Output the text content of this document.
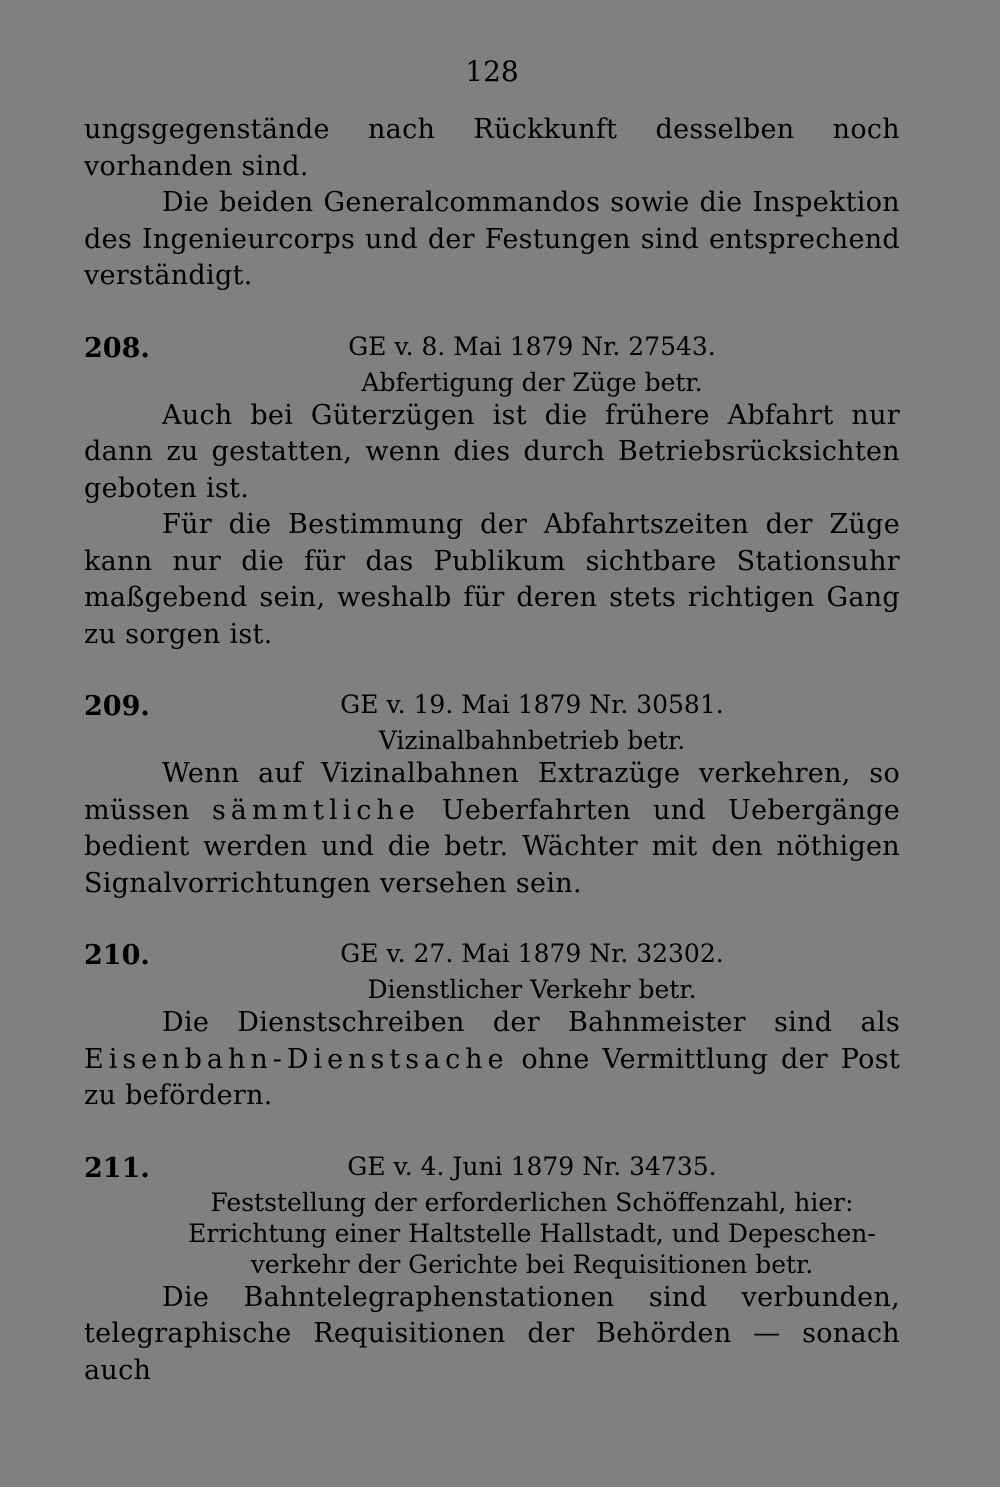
128

ungsgegenstände nach Rückkunft desselben noch vorhanden sind.

Die beiden Generalcommandos sowie die Inspektion des Ingenieurcorps und der Festungen sind entsprechend verständigt.

208.	GE v. 8. Mai 1879 Nr. 27543.
Abfertigung der Züge betr.

Auch bei Güterzügen ist die frühere Abfahrt nur dann zu gestatten, wenn dies durch Betriebsrücksichten geboten ist.

Für die Bestimmung der Abfahrtszeiten der Züge kann nur die für das Publikum sichtbare Stationsuhr maßgebend sein, weshalb für deren stets richtigen Gang zu sorgen ist.

209.	GE v. 19. Mai 1879 Nr. 30581.
Vizinalbahnbetrieb betr.

Wenn auf Vizinalbahnen Extrazüge verkehren, so müssen sämmtliche Ueberfahrten und Uebergänge bedient werden und die betr. Wächter mit den nöthigen Signalvorrichtungen versehen sein.

210.	GE v. 27. Mai 1879 Nr. 32302.
Dienstlicher Verkehr betr.

Die Dienstschreiben der Bahnmeister sind als Eisenbahn-Dienstsache ohne Vermittlung der Post zu befördern.

211.	GE v. 4. Juni 1879 Nr. 34735.
Feststellung der erforderlichen Schöffenzahl, hier:
Errichtung einer Haltstelle Hallstadt, und Depeschen-
verkehr der Gerichte bei Requisitionen betr.

Die Bahntelegraphenstationen sind verbunden, telegraphische Requisitionen der Behörden — sonach auch
